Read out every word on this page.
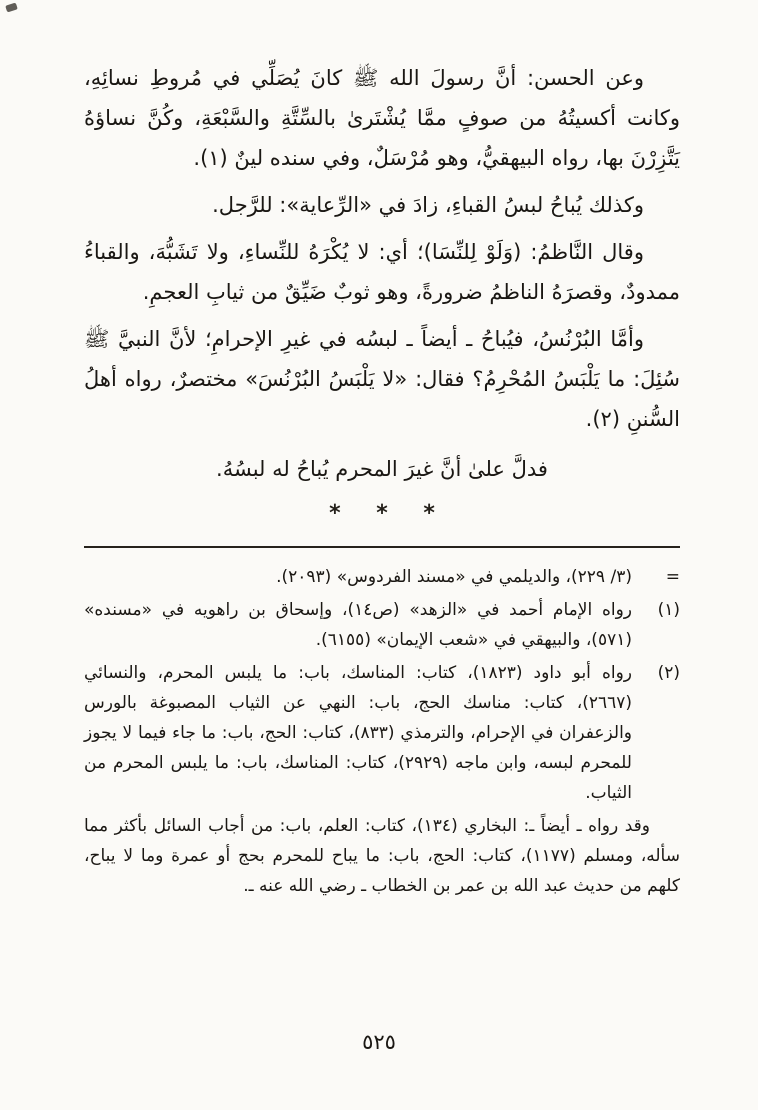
وعن الحسن: أنَّ رسولَ الله ﷺ كانَ يُصَلِّي في مُروطِ نسائِهِ، وكانت أكسيتُهُ من صوفٍ ممَّا يُشْتَرىٰ بالسِّتَّةِ والسَّبْعَةِ، وكُنَّ نساؤهُ يَتَّزِرْنَ بها، رواه البيهقيُّ، وهو مُرْسَلٌ، وفي سنده لينٌ (١).

وكذلك يُباحُ لبسُ القباءِ، زادَ في «الرِّعاية»: للرَّجل.

وقال النَّاظمُ: (وَلَوْ لِلنِّسَا)؛ أي: لا يُكْرَهُ للنِّساءِ، ولا تَشَبُّهَ، والقباءُ ممدودٌ، وقصرَهُ الناظمُ ضرورةً، وهو ثوبٌ ضَيِّقٌ من ثيابِ العجمِ.

وأمَّا البُرْنُسُ، فيُباحُ ـ أيضاً ـ لبسُه في غيرِ الإحرامِ؛ لأنَّ النبيَّ ﷺ سُئِلَ: ما يَلْبَسُ المُحْرِمُ؟ فقال: «لا يَلْبَسُ البُرْنُسَ» مختصرٌ، رواه أهلُ السُّننِ (٢).

فدلَّ علىٰ أنَّ غيرَ المحرم يُباحُ له لبسُهُ.

* * *
=
(٣/ ٢٢٩)، والديلمي في «مسند الفردوس» (٢٠٩٣).
(١)
رواه الإمام أحمد في «الزهد» (ص١٤)، وإسحاق بن راهويه في «مسنده» (٥٧١)، والبيهقي في «شعب الإيمان» (٦١٥٥).
(٢)
رواه أبو داود (١٨٢٣)، كتاب: المناسك، باب: ما يلبس المحرم، والنسائي (٢٦٦٧)، كتاب: مناسك الحج، باب: النهي عن الثياب المصبوغة بالورس والزعفران في الإحرام، والترمذي (٨٣٣)، كتاب: الحج، باب: ما جاء فيما لا يجوز للمحرم لبسه، وابن ماجه (٢٩٢٩)، كتاب: المناسك، باب: ما يلبس المحرم من الثياب.

وقد رواه ـ أيضاً ـ: البخاري (١٣٤)، كتاب: العلم، باب: من أجاب السائل بأكثر مما سأله، ومسلم (١١٧٧)، كتاب: الحج، باب: ما يباح للمحرم بحج أو عمرة وما لا يباح، كلهم من حديث عبد الله بن عمر بن الخطاب ـ رضي الله عنه ـ.

٥٢٥
